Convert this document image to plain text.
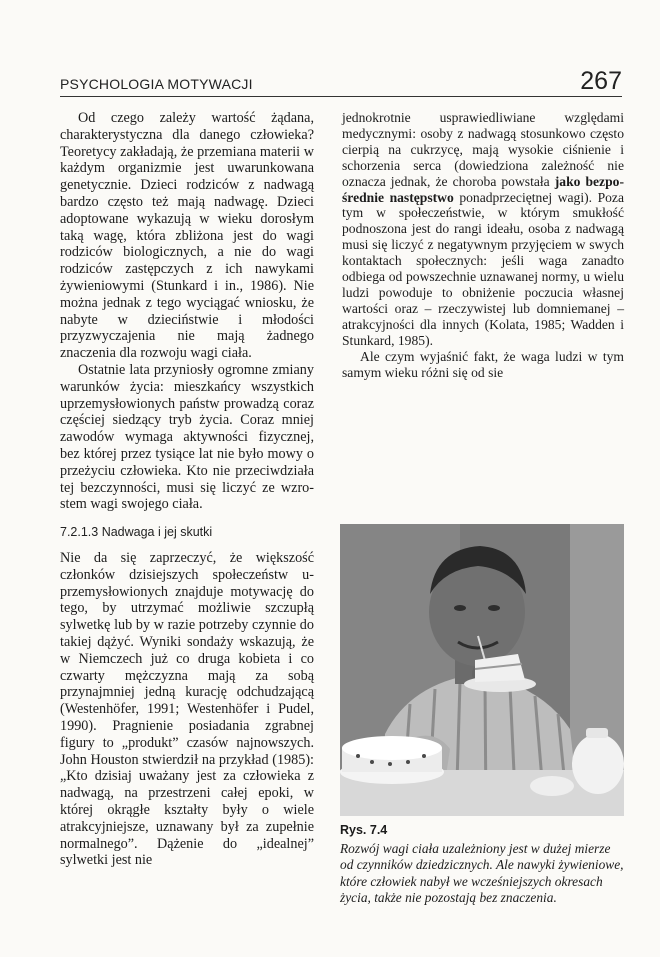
PSYCHOLOGIA MOTYWACJI	267

Od czego zależy wartość żądana, charakterystyczna dla danego człowieka? Teoretycy zakładają, że przemiana materii w każdym organizmie jest uwarunkowana genetycznie. Dzieci rodziców z nadwagą bardzo często też mają nadwagę. Dzieci adoptowane wykazują w wieku dorosłym taką wagę, która zbliżona jest do wagi rodziców biologicznych, a nie do wagi rodziców zastępczych z ich nawykami żywieniowymi (Stunkard i in., 1986). Nie można jednak z tego wyciągać wniosku, że nabyte w dzieciństwie i młodości przyzwyczajenia nie mają żadnego znaczenia dla rozwoju wagi ciała.

Ostatnie lata przyniosły ogromne zmiany warunków życia: mieszkańcy wszystkich uprzemysłowionych państw prowadzą coraz częściej siedzący tryb życia. Coraz mniej zawodów wymaga aktywności fizycznej, bez której przez tysiące lat nie było mowy o przeżyciu człowieka. Kto nie przeciwdziała tej bezczynności, musi się liczyć ze wzrostem wagi swojego ciała.

7.2.1.3 Nadwaga i jej skutki

Nie da się zaprzeczyć, że większość członków dzisiejszych społeczeństw uprzemysłowionych znajduje motywację do tego, by utrzymać możliwie szczupłą sylwetkę lub by w razie potrzeby czynnie do takiej dążyć. Wyniki sondaży wskazują, że w Niemczech już co druga kobieta i co czwarty mężczyzna mają za sobą przynajmniej jedną kurację odchudzającą (Westenhöfer, 1991; Westenhöfer i Pudel, 1990). Pragnienie posiadania zgrabnej figury to „produkt” czasów najnowszych. John Houston stwierdził na przykład (1985): „Kto dzisiaj uważany jest za człowieka z nadwagą, na przestrzeni całej epoki, w której okrągłe kształty były o wiele atrakcyjniejsze, uznawany był za zupełnie normalnego”. Dążenie do „idealnej” sylwetki jest nie

jednokrotnie usprawiedliwiane względami medycznymi: osoby z nadwagą stosunkowo często cierpią na cukrzycę, mają wysokie ciśnienie i schorzenia serca (dowiedziona zależność nie oznacza jednak, że choroba powstała jako bezpośrednie następstwo ponadprzeciętnej wagi). Poza tym w społeczeństwie, w którym smukłość podnoszona jest do rangi ideału, osoba z nadwagą musi się liczyć z negatywnym przyjęciem w swych kontaktach społecznych: jeśli waga zanadto odbiega od powszechnie uznawanej normy, u wielu ludzi powoduje to obniżenie poczucia własnej wartości oraz – rzeczywistej lub domniemanej – atrakcyjności dla innych (Kolata, 1985; Wadden i Stunkard, 1985).

Ale czym wyjaśnić fakt, że waga ludzi w tym samym wieku różni się od sie

Rys. 7.4
Rozwój wagi ciała uzależniony jest w dużej mierze od czynników dziedzicznych. Ale nawyki żywieniowe, które człowiek nabył we wcześniejszych okresach życia, także nie pozostają bez znaczenia.
